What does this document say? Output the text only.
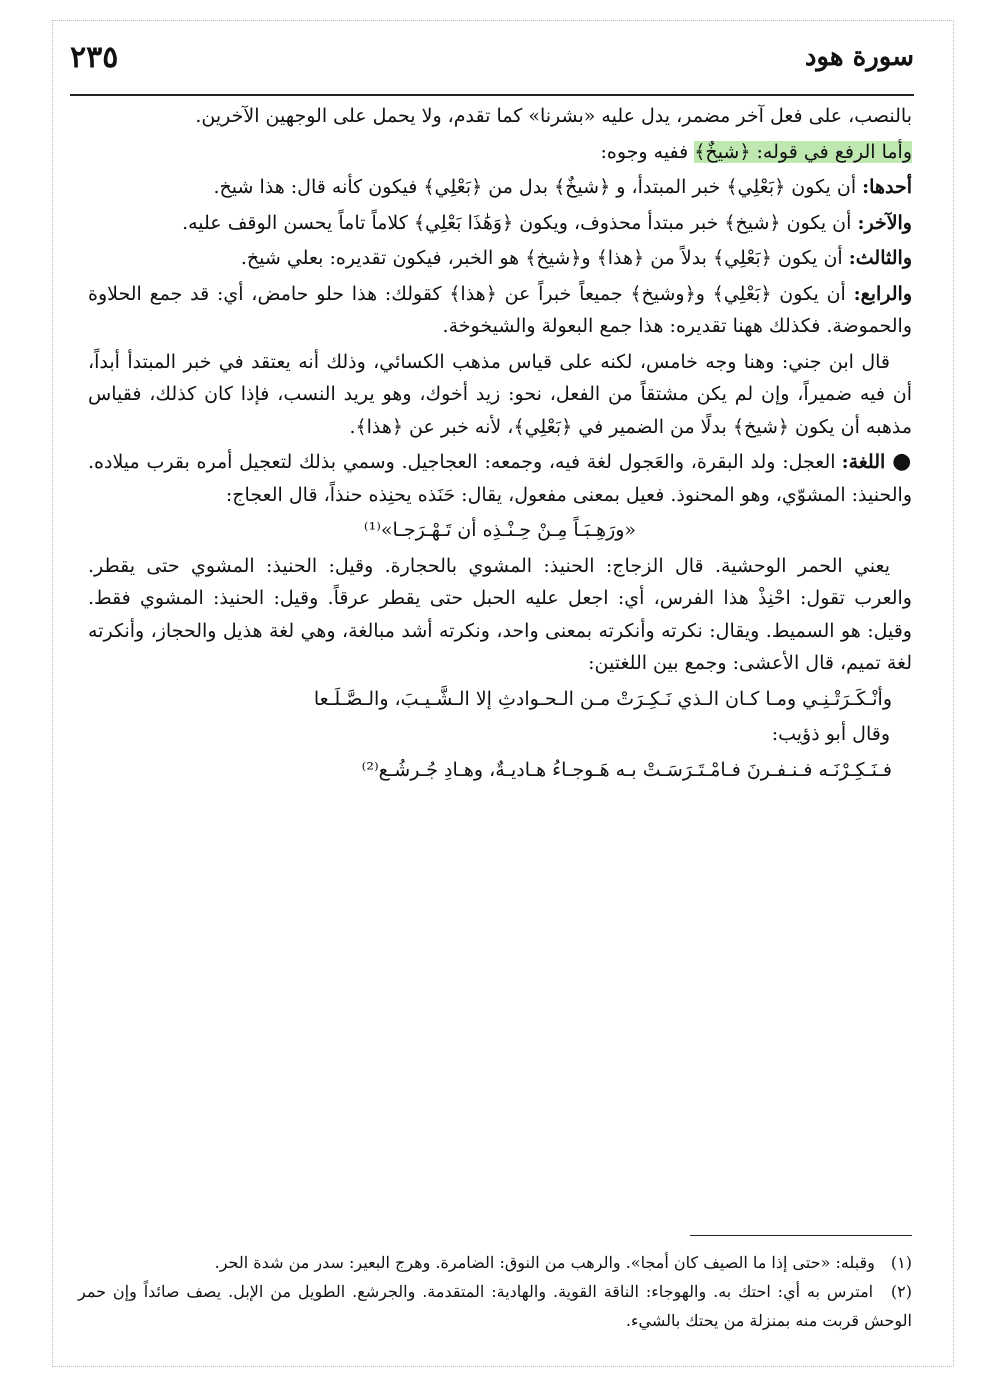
٢٣٥	سورة هود

بالنصب، على فعل آخر مضمر، يدل عليه «بشرنا» كما تقدم، ولا يحمل على الوجهين الآخرين.

وأما الرفع في قوله: ﴿شيخٌ﴾ ففيه وجوه:

أحدها: أن يكون ﴿بَعْلِي﴾ خبر المبتدأ، و ﴿شيخٌ﴾ بدل من ﴿بَعْلِي﴾ فيكون كأنه قال: هذا شيخ.

والآخر: أن يكون ﴿شيخ﴾ خبر مبتدأ محذوف، ويكون ﴿وَهَٰذَا بَعْلِي﴾ كلاماً تاماً يحسن الوقف عليه.

والثالث: أن يكون ﴿بَعْلِي﴾ بدلاً من ﴿هذا﴾ و﴿شيخ﴾ هو الخبر، فيكون تقديره: بعلي شيخ.

والرابع: أن يكون ﴿بَعْلِي﴾ و﴿وشيخ﴾ جميعاً خبراً عن ﴿هذا﴾ كقولك: هذا حلو حامض، أي: قد جمع الحلاوة والحموضة. فكذلك ههنا تقديره: هذا جمع البعولة والشيخوخة.

قال ابن جني: وهنا وجه خامس، لكنه على قياس مذهب الكسائي، وذلك أنه يعتقد في خبر المبتدأ أبداً، أن فيه ضميراً، وإن لم يكن مشتقاً من الفعل، نحو: زيد أخوك، وهو يريد النسب، فإذا كان كذلك، فقياس مذهبه أن يكون ﴿شيخ﴾ بدلًا من الضمير في ﴿بَعْلِي﴾، لأنه خبر عن ﴿هذا﴾.

● اللغة: العجل: ولد البقرة، والعَجول لغة فيه، وجمعه: العجاجيل. وسمي بذلك لتعجيل أمره بقرب ميلاده. والحنيذ: المشوّي، وهو المحنوذ. فعيل بمعنى مفعول، يقال: حَنَذه يحنِذه حنذاً، قال العجاج:

«ورَهِـبَـاً مِـنْ حِـنْـذِه أن تَـهْـرَجـا»⁽¹⁾

يعني الحمر الوحشية. قال الزجاج: الحنيذ: المشوي بالحجارة. وقيل: الحنيذ: المشوي حتى يقطر. والعرب تقول: احْنِذْ هذا الفرس، أي: اجعل عليه الحبل حتى يقطر عرقاً. وقيل: الحنيذ: المشوي فقط. وقيل: هو السميط. ويقال: نكرته وأنكرته بمعنى واحد، ونكرته أشد مبالغة، وهي لغة هذيل والحجاز، وأنكرته لغة تميم، قال الأعشى: وجمع بين اللغتين:

وأنْـكَـرَتْـنِـي ومـا كـان الـذي نَـكِـرَتْ مـن الـحـوادثِ إلا الـشَّـيـبَ، والـصَّـلَـعا

وقال أبو ذؤيب:

فـنَـكِـرْنَـه فـنـفـرنَ فـامْـتَـرَسَـتْ بـه هَـوجـاءُ هـاديـةٌ، وهـادِ جُـرشُـع⁽²⁾

(١) وقبله: «حتى إذا ما الصيف كان أمجا». والرهب من النوق: الضامرة. وهرج البعير: سدر من شدة الحر.

(٢) امترس به أي: احتك به. والهوجاء: الناقة القوية. والهادية: المتقدمة. والجرشع. الطويل من الإبل. يصف صائداً وإن حمر الوحش قربت منه بمنزلة من يحتك بالشيء.
